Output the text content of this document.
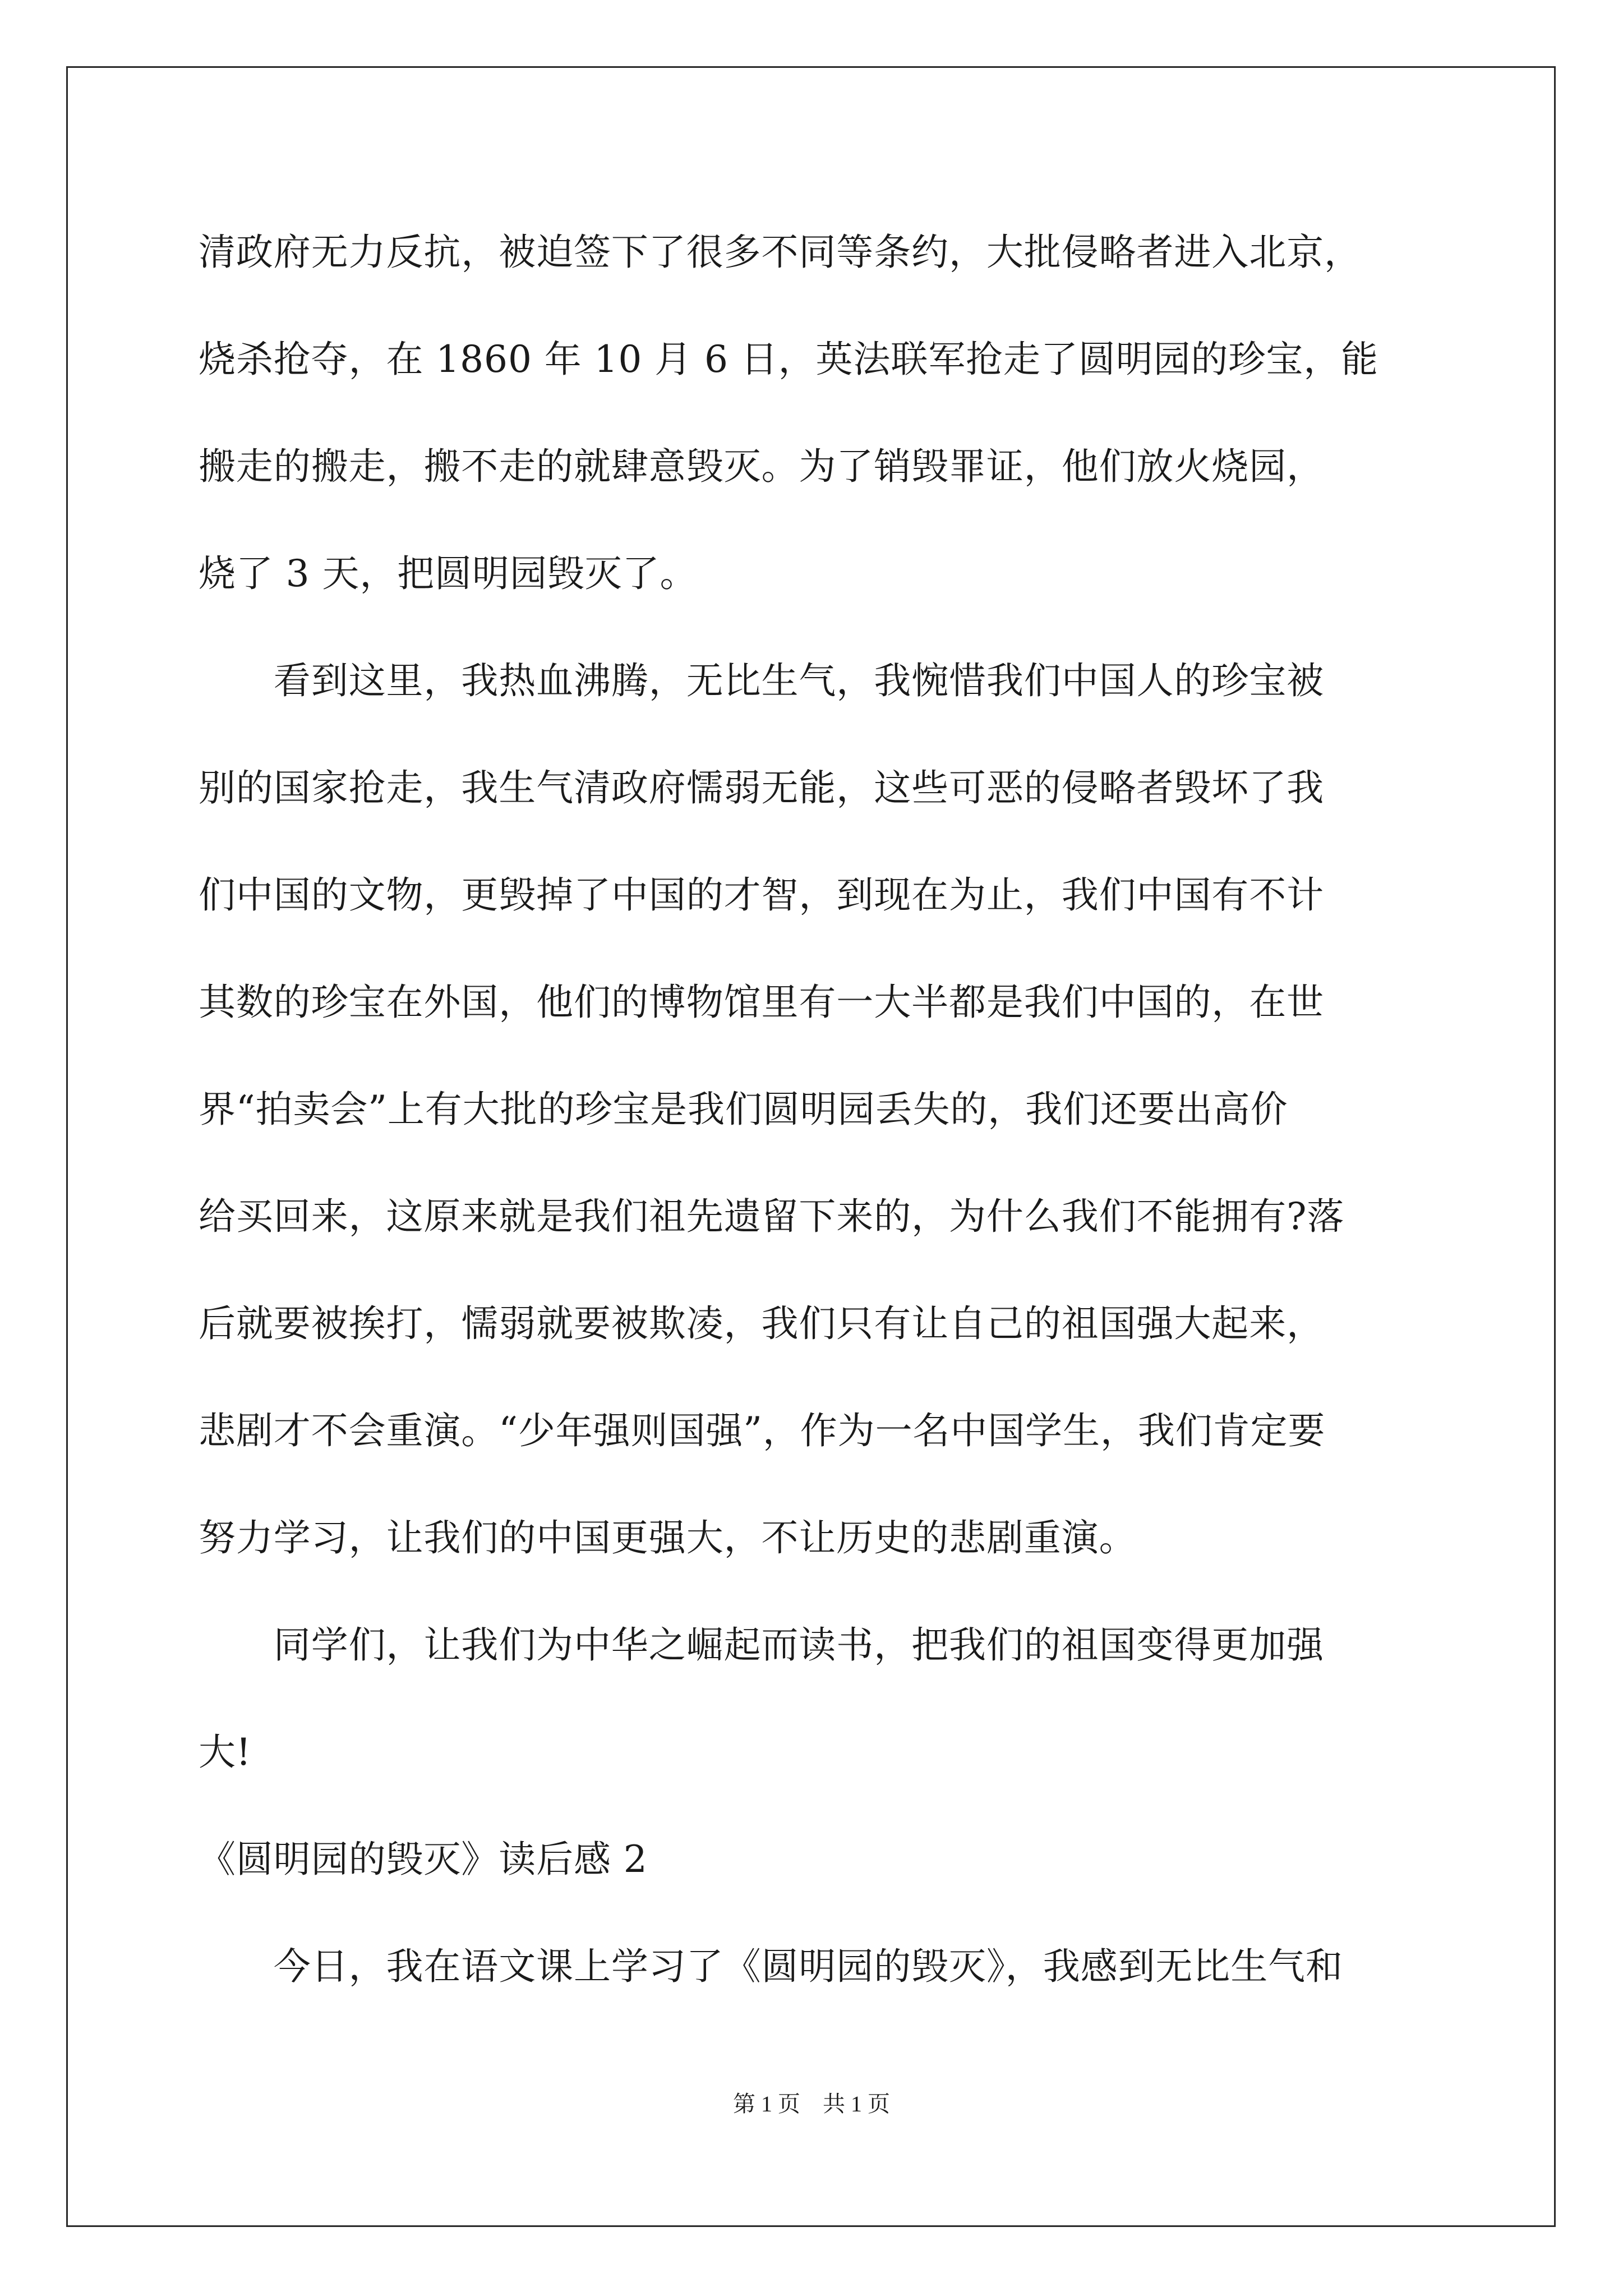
清政府无力反抗，被迫签下了很多不同等条约，大批侵略者进入北京，
烧杀抢夺，在 1860 年 10 月 6 日，英法联军抢走了圆明园的珍宝，能
搬走的搬走，搬不走的就肆意毁灭。为了销毁罪证，他们放火烧园，
烧了 3 天，把圆明园毁灭了。
　　看到这里，我热血沸腾，无比生气，我惋惜我们中国人的珍宝被
别的国家抢走，我生气清政府懦弱无能，这些可恶的侵略者毁坏了我
们中国的文物，更毁掉了中国的才智，到现在为止，我们中国有不计
其数的珍宝在外国，他们的博物馆里有一大半都是我们中国的，在世
界“拍卖会”上有大批的珍宝是我们圆明园丢失的，我们还要出高价
给买回来，这原来就是我们祖先遗留下来的，为什么我们不能拥有?落
后就要被挨打，懦弱就要被欺凌，我们只有让自己的祖国强大起来，
悲剧才不会重演。“少年强则国强”，作为一名中国学生，我们肯定要
努力学习，让我们的中国更强大，不让历史的悲剧重演。
　　同学们，让我们为中华之崛起而读书，把我们的祖国变得更加强
大!
《圆明园的毁灭》读后感 2
　　今日，我在语文课上学习了《圆明园的毁灭》，我感到无比生气和
第 1 页　共 1 页
